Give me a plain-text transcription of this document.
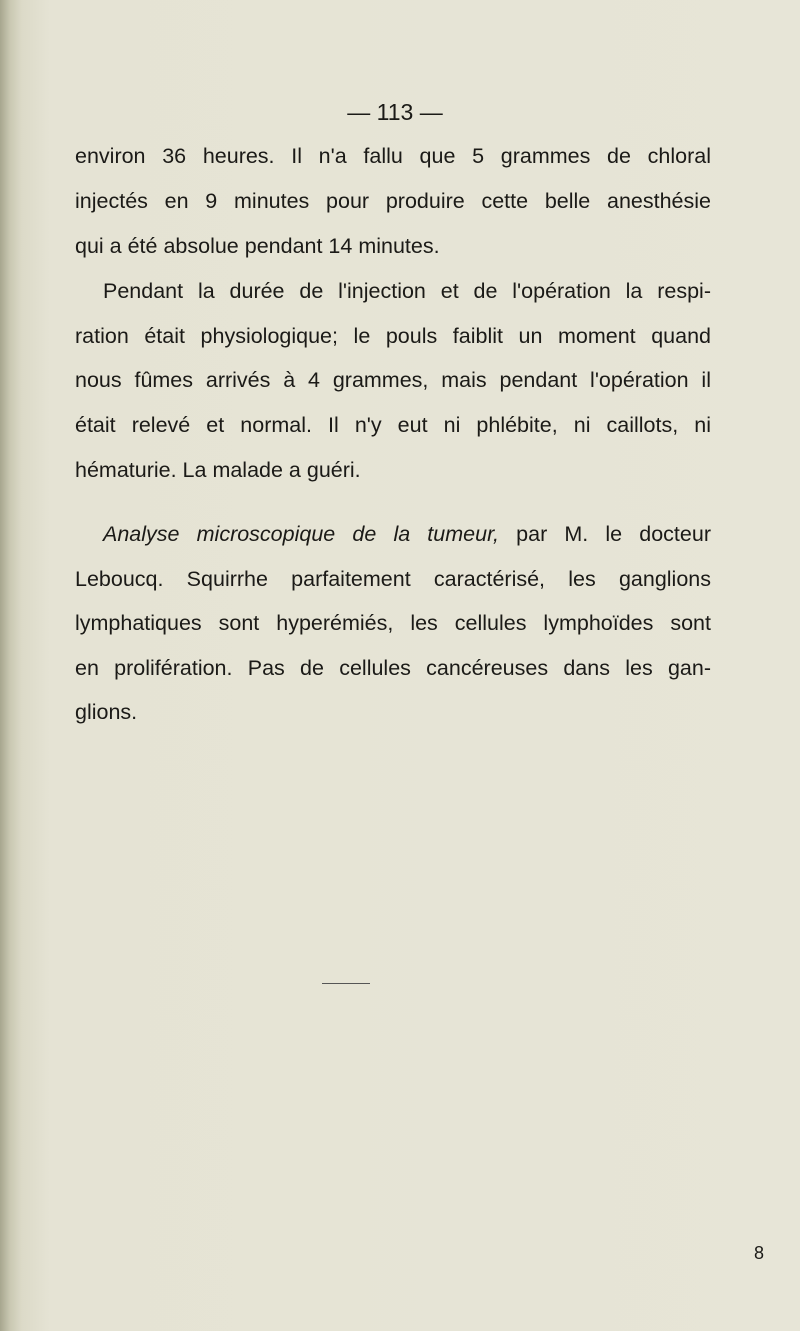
— 113 —
environ 36 heures. Il n'a fallu que 5 grammes de chloral
injectés en 9 minutes pour produire cette belle anesthésie
qui a été absolue pendant 14 minutes.
Pendant la durée de l'injection et de l'opération la respi-
ration était physiologique; le pouls faiblit un moment quand
nous fûmes arrivés à 4 grammes, mais pendant l'opération il
était relevé et normal. Il n'y eut ni phlébite, ni caillots, ni
hématurie. La malade a guéri.
Analyse microscopique de la tumeur, par M. le docteur
Leboucq. Squirrhe parfaitement caractérisé, les ganglions
lymphatiques sont hyperémiés, les cellules lymphoïdes sont
en prolifération. Pas de cellules cancéreuses dans les gan-
glions.
8
